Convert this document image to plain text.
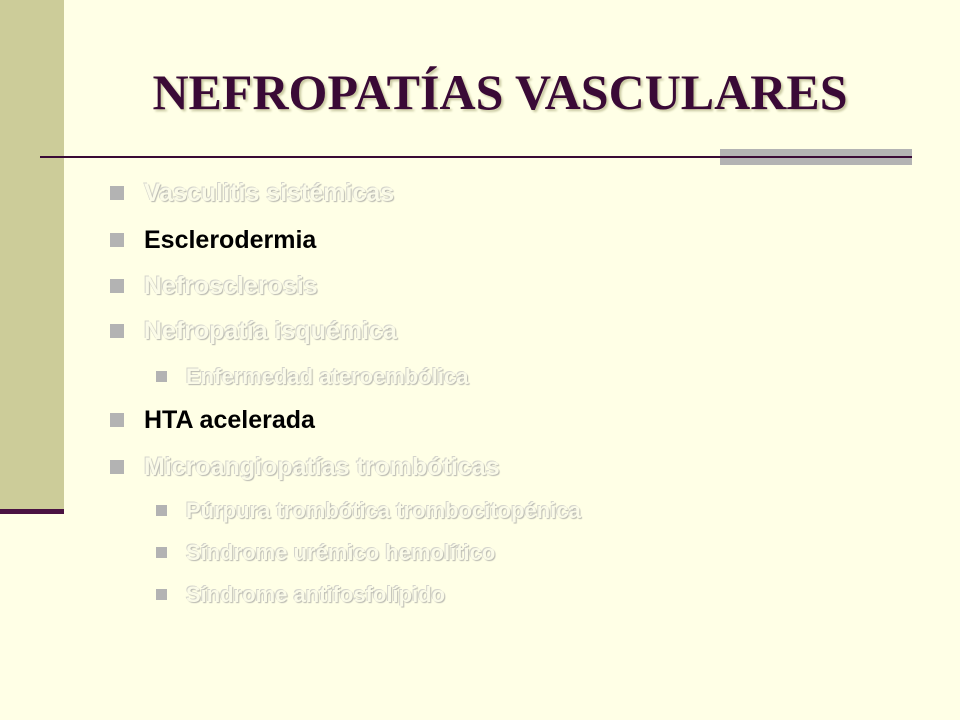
NEFROPATÍAS VASCULARES
Vasculitis sistémicas
Esclerodermia
Nefrosclerosis
Nefropatía isquémica
Enfermedad ateroembólica
HTA acelerada
Microangiopatías trombóticas
Púrpura trombótica trombocitopénica
Síndrome urémico hemolítico
Síndrome antifosfolípido
